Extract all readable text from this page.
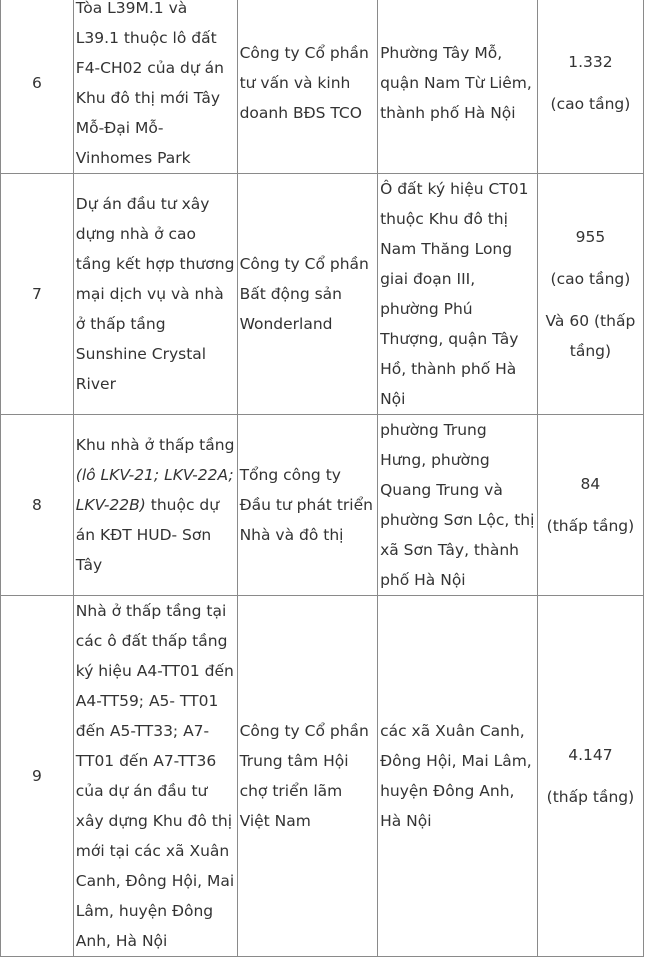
6	Tòa L39M.1 và L39.1 thuộc lô đất F4-CH02 của dự án Khu đô thị mới Tây Mỗ-Đại Mỗ-Vinhomes Park	Công ty Cổ phần tư vấn và kinh doanh BĐS TCO	Phường Tây Mỗ, quận Nam Từ Liêm, thành phố Hà Nội	1.332
(cao tầng)

7	Dự án đầu tư xây dựng nhà ở cao tầng kết hợp thương mại dịch vụ và nhà ở thấp tầng Sunshine Crystal River	Công ty Cổ phần Bất động sản Wonderland	Ô đất ký hiệu CT01 thuộc Khu đô thị Nam Thăng Long giai đoạn III, phường Phú Thượng, quận Tây Hồ, thành phố Hà Nội	955
(cao tầng)
Và 60 (thấp tầng)

8	Khu nhà ở thấp tầng (lô LKV-21; LKV-22A; LKV-22B) thuộc dự án KĐT HUD- Sơn Tây	Tổng công ty Đầu tư phát triển Nhà và đô thị	phường Trung Hưng, phường Quang Trung và phường Sơn Lộc, thị xã Sơn Tây, thành phố Hà Nội	84
(thấp tầng)

9	Nhà ở thấp tầng tại các ô đất thấp tầng ký hiệu A4-TT01 đến A4-TT59; A5- TT01 đến A5-TT33; A7-TT01 đến A7-TT36 của dự án đầu tư xây dựng Khu đô thị mới tại các xã Xuân Canh, Đông Hội, Mai Lâm, huyện Đông Anh, Hà Nội	Công ty Cổ phần Trung tâm Hội chợ triển lãm Việt Nam	các xã Xuân Canh, Đông Hội, Mai Lâm, huyện Đông Anh, Hà Nội	4.147
(thấp tầng)
